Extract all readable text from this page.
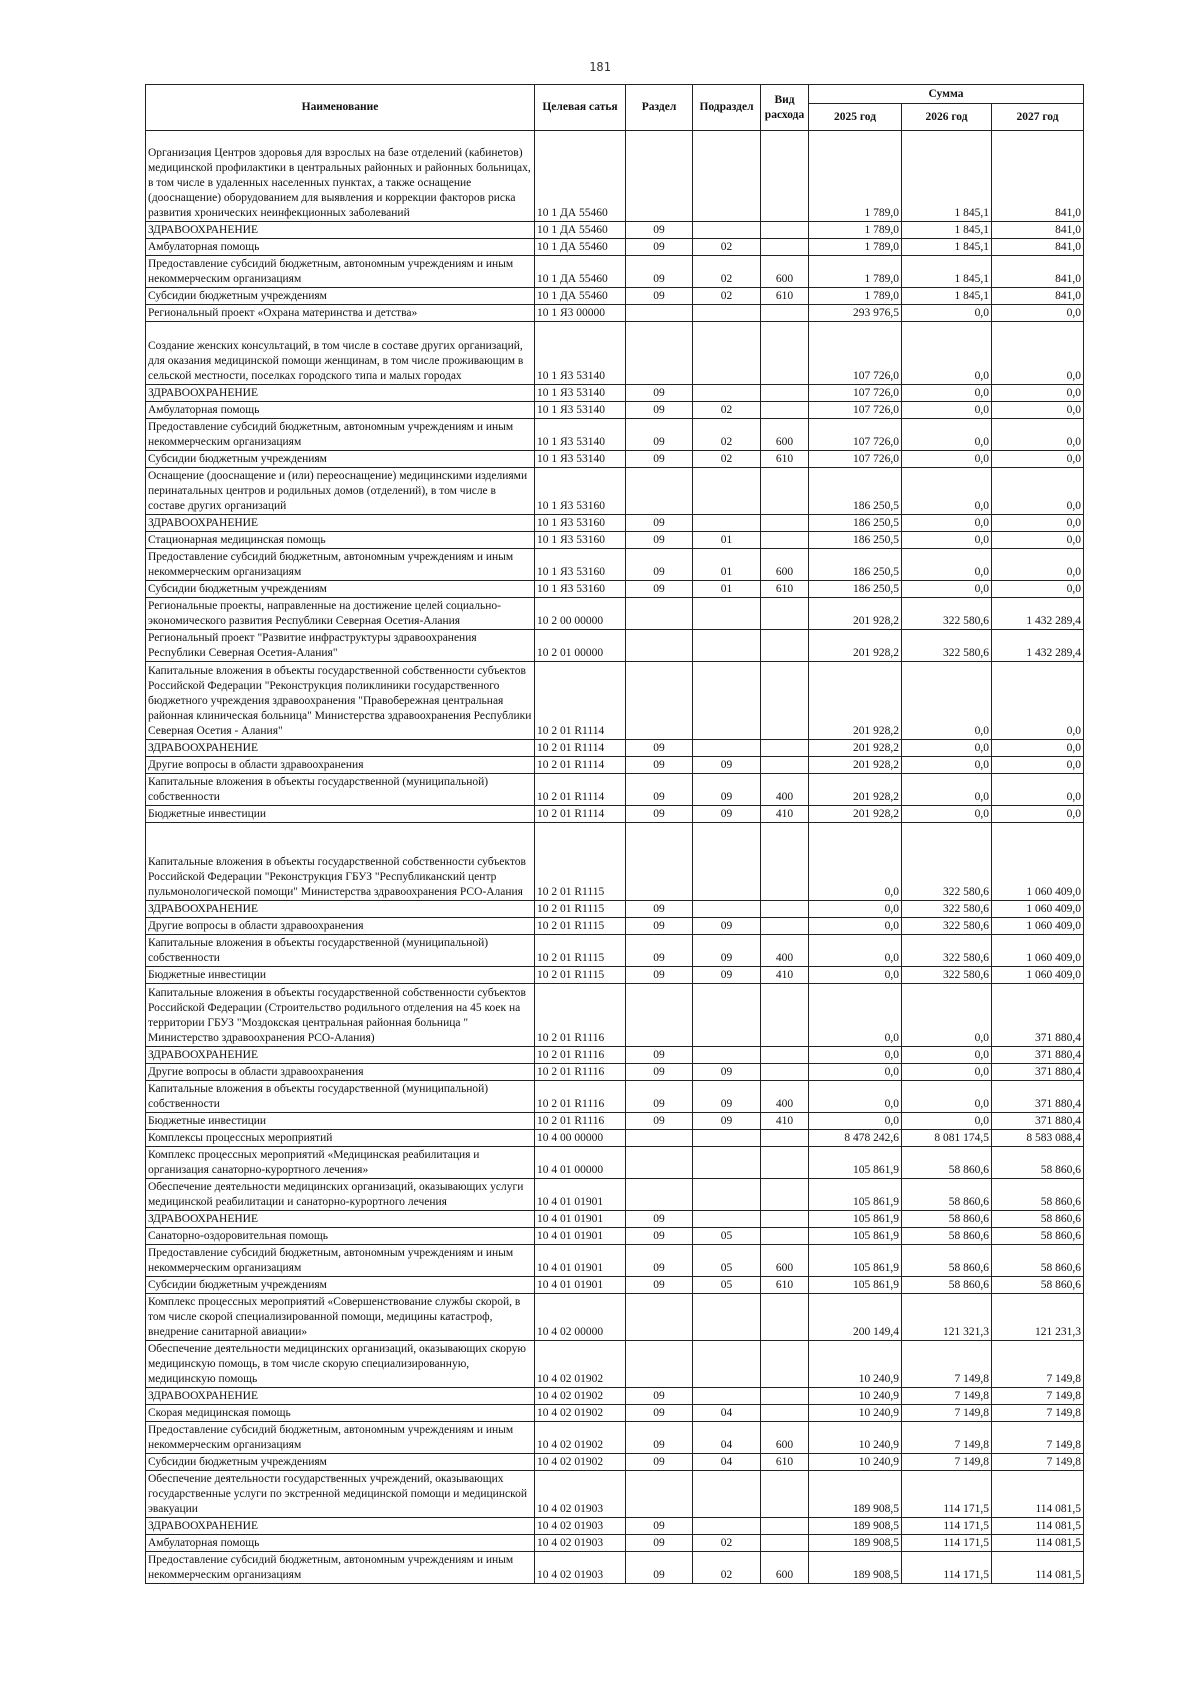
181
Наименование	Целевая сатья	Раздел	Подраздел	Вид расхода	Сумма		
					2025 год	2026 год	2027 год
Организация Центров здоровья для взрослых на базе отделений (кабинетов) медицинской профилактики в центральных районных и районных больницах, в том числе в удаленных населенных пунктах, а также оснащение (дооснащение) оборудованием для выявления и коррекции факторов риска развития хронических неинфекционных заболеваний	10 1 ДА 55460				1 789,0	1 845,1	841,0
ЗДРАВООХРАНЕНИЕ	10 1 ДА 55460	09			1 789,0	1 845,1	841,0
Амбулаторная помощь	10 1 ДА 55460	09	02		1 789,0	1 845,1	841,0
Предоставление субсидий бюджетным, автономным учреждениям и иным некоммерческим организациям	10 1 ДА 55460	09	02	600	1 789,0	1 845,1	841,0
Субсидии бюджетным учреждениям	10 1 ДА 55460	09	02	610	1 789,0	1 845,1	841,0
Региональный проект «Охрана материнства и детства»	10 1 Я3 00000				293 976,5	0,0	0,0
Создание женских консультаций, в том числе в составе других организаций, для оказания медицинской помощи женщинам, в том числе проживающим в сельской местности, поселках городского типа и малых городах	10 1 Я3 53140				107 726,0	0,0	0,0
ЗДРАВООХРАНЕНИЕ	10 1 Я3 53140	09			107 726,0	0,0	0,0
Амбулаторная помощь	10 1 Я3 53140	09	02		107 726,0	0,0	0,0
Предоставление субсидий бюджетным, автономным учреждениям и иным некоммерческим организациям	10 1 Я3 53140	09	02	600	107 726,0	0,0	0,0
Субсидии бюджетным учреждениям	10 1 Я3 53140	09	02	610	107 726,0	0,0	0,0
Оснащение (дооснащение и (или) переоснащение) медицинскими изделиями перинатальных центров и родильных домов (отделений), в том числе в составе других организаций	10 1 Я3 53160				186 250,5	0,0	0,0
ЗДРАВООХРАНЕНИЕ	10 1 Я3 53160	09			186 250,5	0,0	0,0
Стационарная медицинская помощь	10 1 Я3 53160	09	01		186 250,5	0,0	0,0
Предоставление субсидий бюджетным, автономным учреждениям и иным некоммерческим организациям	10 1 Я3 53160	09	01	600	186 250,5	0,0	0,0
Субсидии бюджетным учреждениям	10 1 Я3 53160	09	01	610	186 250,5	0,0	0,0
Региональные проекты, направленные на достижение целей социально-экономического развития Республики Северная Осетия-Алания	10 2 00 00000				201 928,2	322 580,6	1 432 289,4
Региональный проект "Развитие инфраструктуры здравоохранения Республики Северная Осетия-Алания"	10 2 01 00000				201 928,2	322 580,6	1 432 289,4
Капитальные вложения в объекты государственной собственности субъектов Российской Федерации "Реконструкция поликлиники государственного бюджетного учреждения здравоохранения "Правобережная центральная районная клиническая больница" Министерства здравоохранения Республики Северная Осетия - Алания"	10 2 01 R1114				201 928,2	0,0	0,0
ЗДРАВООХРАНЕНИЕ	10 2 01 R1114	09			201 928,2	0,0	0,0
Другие вопросы в области здравоохранения	10 2 01 R1114	09	09		201 928,2	0,0	0,0
Капитальные вложения в объекты государственной (муниципальной) собственности	10 2 01 R1114	09	09	400	201 928,2	0,0	0,0
Бюджетные инвестиции	10 2 01 R1114	09	09	410	201 928,2	0,0	0,0
Капитальные вложения в объекты государственной собственности субъектов Российской Федерации "Реконструкция ГБУЗ "Республиканский центр пульмонологической помощи" Министерства здравоохранения РСО-Алания	10 2 01 R1115				0,0	322 580,6	1 060 409,0
ЗДРАВООХРАНЕНИЕ	10 2 01 R1115	09			0,0	322 580,6	1 060 409,0
Другие вопросы в области здравоохранения	10 2 01 R1115	09	09		0,0	322 580,6	1 060 409,0
Капитальные вложения в объекты государственной (муниципальной) собственности	10 2 01 R1115	09	09	400	0,0	322 580,6	1 060 409,0
Бюджетные инвестиции	10 2 01 R1115	09	09	410	0,0	322 580,6	1 060 409,0
Капитальные вложения в объекты государственной собственности субъектов Российской Федерации (Строительство родильного отделения на 45 коек на территории ГБУЗ "Моздокская центральная районная больница " Министерство здравоохранения РСО-Алания)	10 2 01 R1116				0,0	0,0	371 880,4
ЗДРАВООХРАНЕНИЕ	10 2 01 R1116	09			0,0	0,0	371 880,4
Другие вопросы в области здравоохранения	10 2 01 R1116	09	09		0,0	0,0	371 880,4
Капитальные вложения в объекты государственной (муниципальной) собственности	10 2 01 R1116	09	09	400	0,0	0,0	371 880,4
Бюджетные инвестиции	10 2 01 R1116	09	09	410	0,0	0,0	371 880,4
Комплексы процессных мероприятий	10 4 00 00000				8 478 242,6	8 081 174,5	8 583 088,4
Комплекс процессных мероприятий «Медицинская реабилитация и организация санаторно-курортного лечения»	10 4 01 00000				105 861,9	58 860,6	58 860,6
Обеспечение деятельности медицинских организаций, оказывающих услуги медицинской реабилитации и санаторно-курортного лечения	10 4 01 01901				105 861,9	58 860,6	58 860,6
ЗДРАВООХРАНЕНИЕ	10 4 01 01901	09			105 861,9	58 860,6	58 860,6
Санаторно-оздоровительная помощь	10 4 01 01901	09	05		105 861,9	58 860,6	58 860,6
Предоставление субсидий бюджетным, автономным учреждениям и иным некоммерческим организациям	10 4 01 01901	09	05	600	105 861,9	58 860,6	58 860,6
Субсидии бюджетным учреждениям	10 4 01 01901	09	05	610	105 861,9	58 860,6	58 860,6
Комплекс процессных мероприятий «Совершенствование службы скорой, в том числе скорой специализированной помощи, медицины катастроф, внедрение санитарной авиации»	10 4 02 00000				200 149,4	121 321,3	121 231,3
Обеспечение деятельности медицинских организаций, оказывающих скорую медицинскую помощь, в том числе скорую специализированную, медицинскую помощь	10 4 02 01902				10 240,9	7 149,8	7 149,8
ЗДРАВООХРАНЕНИЕ	10 4 02 01902	09			10 240,9	7 149,8	7 149,8
Скорая медицинская помощь	10 4 02 01902	09	04		10 240,9	7 149,8	7 149,8
Предоставление субсидий бюджетным, автономным учреждениям и иным некоммерческим организациям	10 4 02 01902	09	04	600	10 240,9	7 149,8	7 149,8
Субсидии бюджетным учреждениям	10 4 02 01902	09	04	610	10 240,9	7 149,8	7 149,8
Обеспечение деятельности государственных учреждений, оказывающих государственные услуги по экстренной медицинской помощи и медицинской эвакуации	10 4 02 01903				189 908,5	114 171,5	114 081,5
ЗДРАВООХРАНЕНИЕ	10 4 02 01903	09			189 908,5	114 171,5	114 081,5
Амбулаторная помощь	10 4 02 01903	09	02		189 908,5	114 171,5	114 081,5
Предоставление субсидий бюджетным, автономным учреждениям и иным некоммерческим организациям	10 4 02 01903	09	02	600	189 908,5	114 171,5	114 081,5
